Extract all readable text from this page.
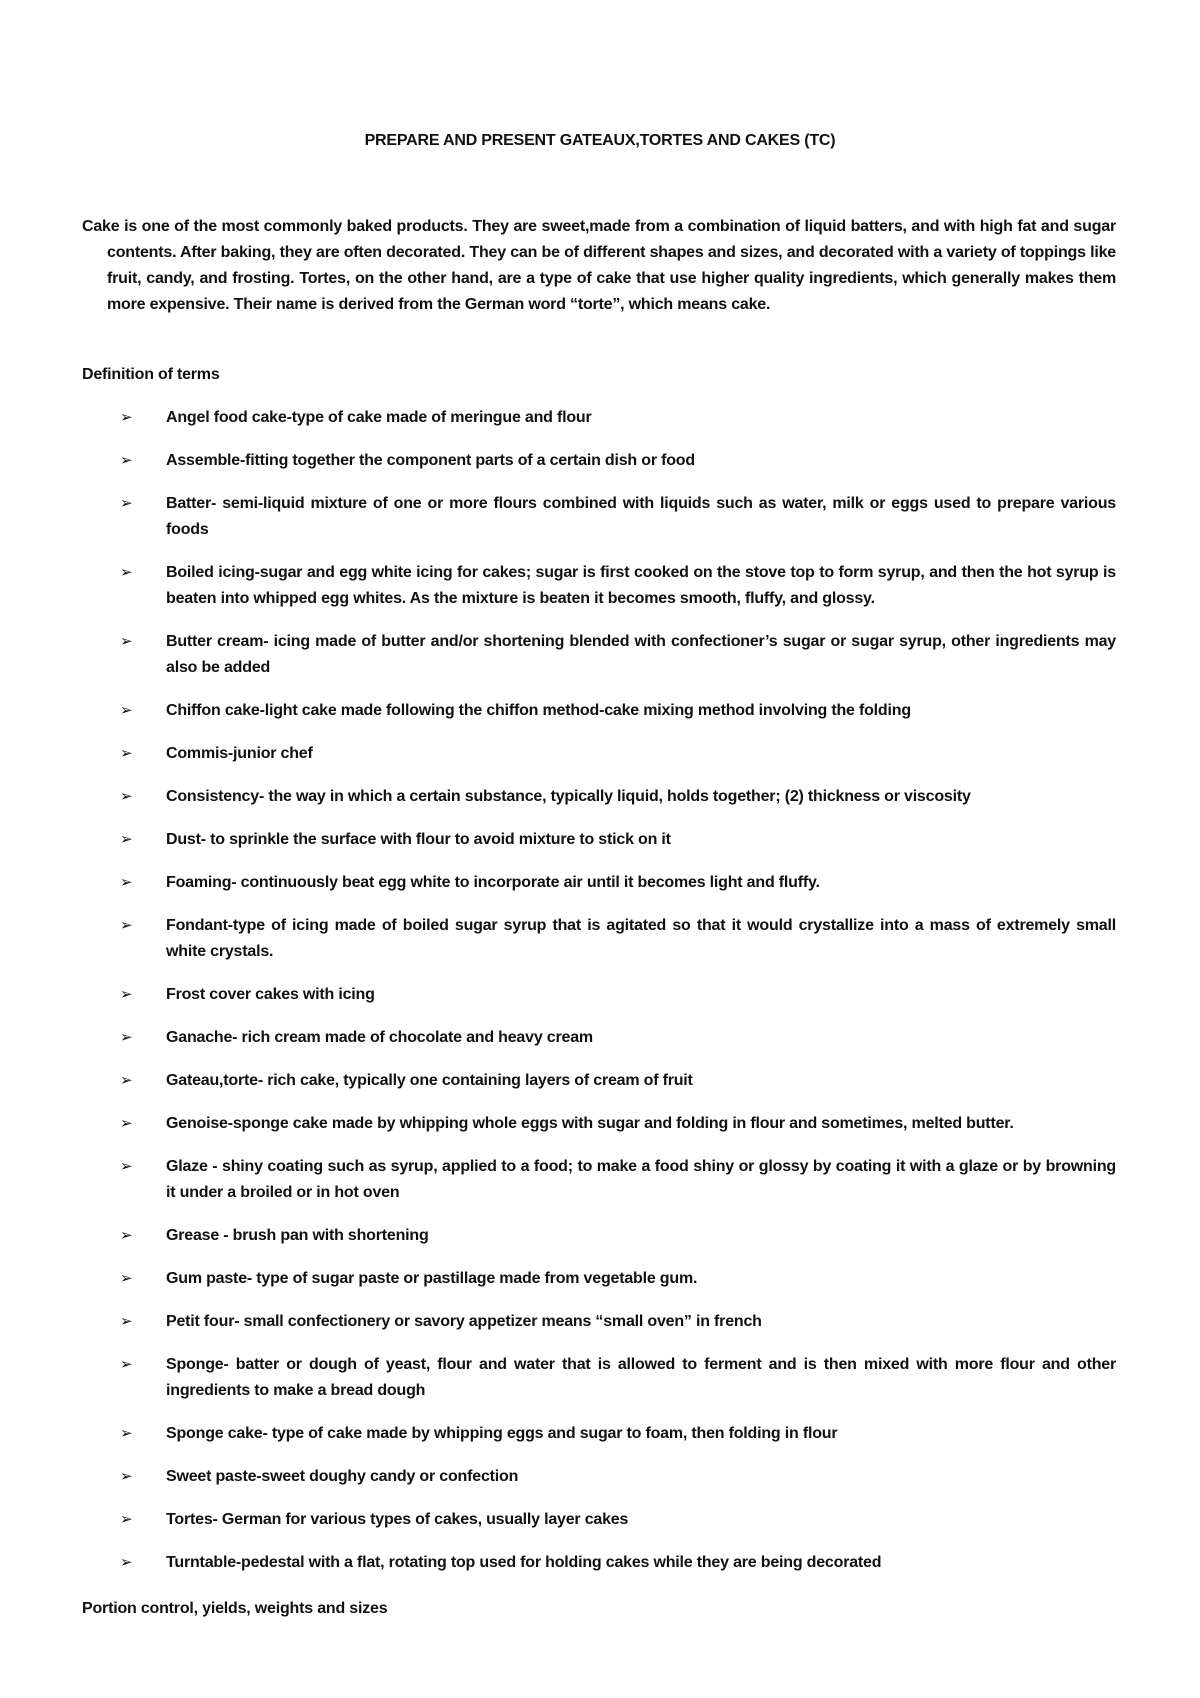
PREPARE AND PRESENT GATEAUX,TORTES AND CAKES (TC)

Cake is one of the most commonly baked products. They are sweet,made from a combination of liquid batters, and with high fat and sugar contents. After baking, they are often decorated. They can be of different shapes and sizes, and decorated with a variety of toppings like fruit, candy, and frosting. Tortes, on the other hand, are a type of cake that use higher quality ingredients, which generally makes them more expensive. Their name is derived from the German word “torte”, which means cake.

Definition of terms
➢	Angel food cake-type of cake made of meringue and flour
➢	Assemble-fitting together the component parts of a certain dish or food
➢	Batter- semi-liquid mixture of one or more flours combined with liquids such as water, milk or eggs used to prepare various foods
➢	Boiled icing-sugar and egg white icing for cakes; sugar is first cooked on the stove top to form syrup, and then the hot syrup is beaten into whipped egg whites. As the mixture is beaten it becomes smooth, fluffy, and glossy.
➢	Butter cream- icing made of butter and/or shortening blended with confectioner’s sugar or sugar syrup, other ingredients may also be added
➢	Chiffon cake-light cake made following the chiffon method-cake mixing method involving the folding
➢	Commis-junior chef
➢	Consistency- the way in which a certain substance, typically liquid, holds together; (2) thickness or viscosity
➢	Dust- to sprinkle the surface with flour to avoid mixture to stick on it
➢	Foaming- continuously beat egg white to incorporate air until it becomes light and fluffy.
➢	Fondant-type of icing made of boiled sugar syrup that is agitated so that it would crystallize into a mass of extremely small white crystals.
➢	Frost cover cakes with icing
➢	Ganache- rich cream made of chocolate and heavy cream
➢	Gateau,torte- rich cake, typically one containing layers of cream of fruit
➢	Genoise-sponge cake made by whipping whole eggs with sugar and folding in flour and sometimes, melted butter.
➢	Glaze - shiny coating such as syrup, applied to a food; to make a food shiny or glossy by coating it with a glaze or by browning it under a broiled or in hot oven
➢	Grease - brush pan with shortening
➢	Gum paste- type of sugar paste or pastillage made from vegetable gum.
➢	Petit four- small confectionery or savory appetizer means “small oven” in french
➢	Sponge- batter or dough of yeast, flour and water that is allowed to ferment and is then mixed with more flour and other ingredients to make a bread dough
➢	Sponge cake- type of cake made by whipping eggs and sugar to foam, then folding in flour
➢	Sweet paste-sweet doughy candy or confection
➢	Tortes- German for various types of cakes, usually layer cakes
➢	Turntable-pedestal with a flat, rotating top used for holding cakes while they are being decorated
Portion control, yields, weights and sizes
